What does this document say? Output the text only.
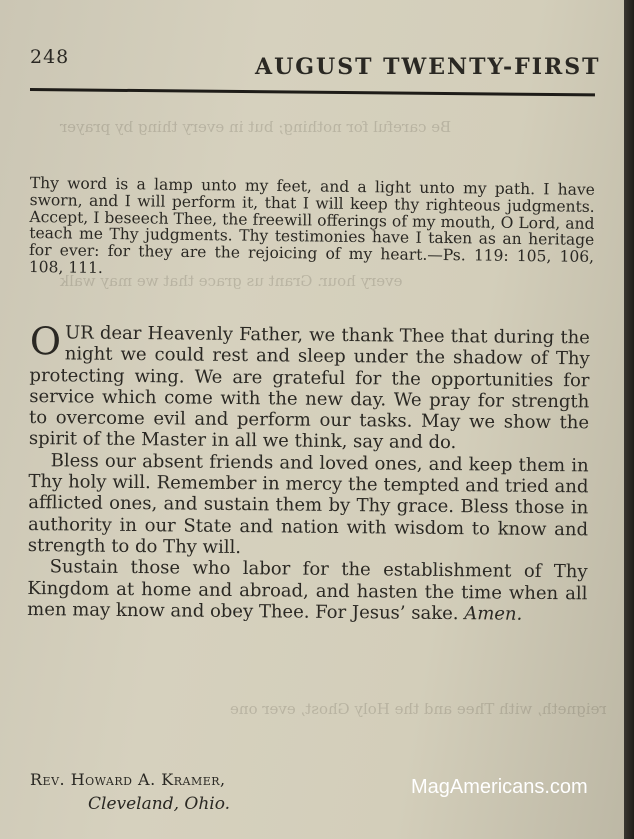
Be careful for nothing; but in every thing by prayer
every hour. Grant us grace that we may walk
reigneth, with Thee and the Holy Ghost, ever one
248	AUGUST TWENTY-FIRST

Thy word is a lamp unto my feet, and a light unto my path. I have sworn, and I will perform it, that I will keep thy righteous judgments. Accept, I beseech Thee, the freewill offerings of my mouth, O Lord, and teach me Thy judgments. Thy testimonies have I taken as an heritage for ever: for they are the rejoicing of my heart.—Ps. 119: 105, 106, 108, 111.

OUR dear Heavenly Father, we thank Thee that during the night we could rest and sleep under the shadow of Thy protecting wing. We are grateful for the opportunities for service which come with the new day. We pray for strength to overcome evil and perform our tasks. May we show the spirit of the Master in all we think, say and do.

Bless our absent friends and loved ones, and keep them in Thy holy will. Remember in mercy the tempted and tried and afflicted ones, and sustain them by Thy grace. Bless those in authority in our State and nation with wisdom to know and strength to do Thy will.

Sustain those who labor for the establishment of Thy Kingdom at home and abroad, and hasten the time when all men may know and obey Thee. For Jesus’ sake. Amen.

Rev. Howard A. Kramer,
Cleveland, Ohio.
MagAmericans.com
